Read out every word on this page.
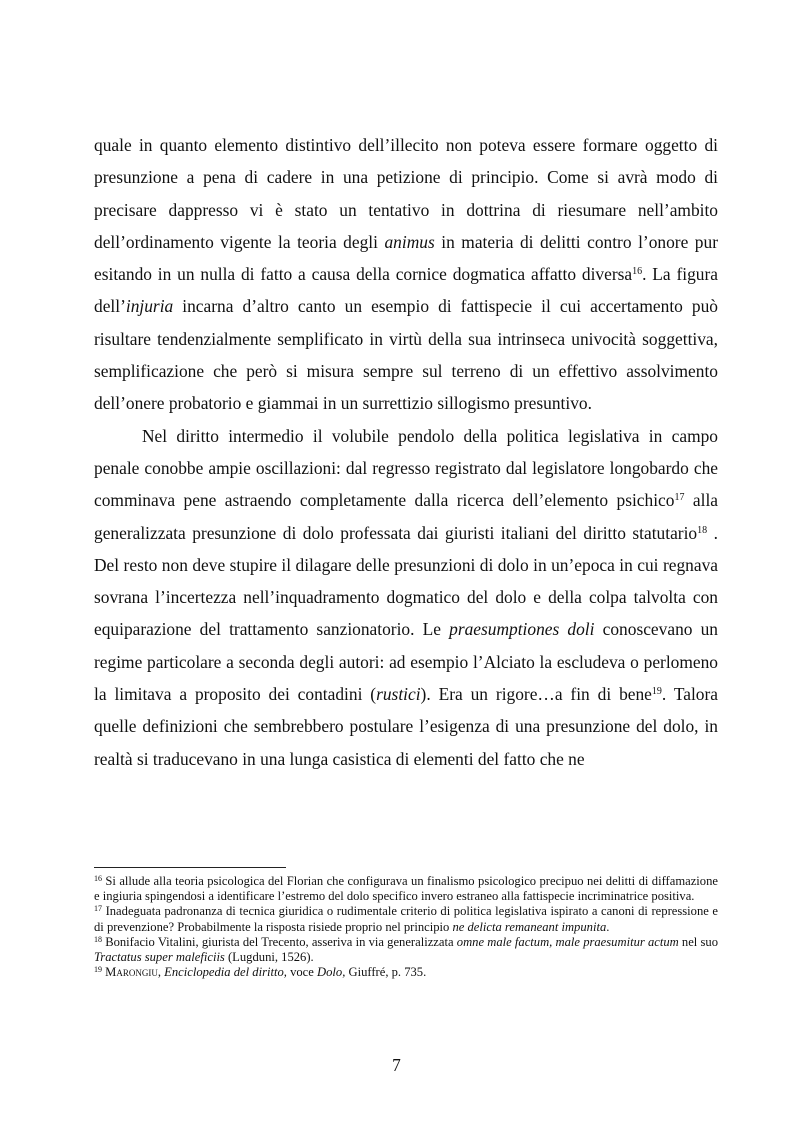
quale in quanto elemento distintivo dell’illecito non poteva essere formare oggetto di presunzione a pena di cadere in una petizione di principio. Come si avrà modo di precisare dappresso vi è stato un tentativo in dottrina di riesumare nell’ambito dell’ordinamento vigente la teoria degli animus in materia di delitti contro l’onore pur esitando in un nulla di fatto a causa della cornice dogmatica affatto diversa$^{16}$. La figura dell’injuria incarna d’altro canto un esempio di fattispecie il cui accertamento può risultare tendenzialmente semplificato in virtù della sua intrinseca univocità soggettiva, semplificazione che però si misura sempre sul terreno di un effettivo assolvimento dell’onere probatorio e giammai in un surrettizio sillogismo presuntivo.

Nel diritto intermedio il volubile pendolo della politica legislativa in campo penale conobbe ampie oscillazioni: dal regresso registrato dal legislatore longobardo che comminava pene astraendo completamente dalla ricerca dell’elemento psichico$^{17}$ alla generalizzata presunzione di dolo professata dai giuristi italiani del diritto statutario$^{18}$ . Del resto non deve stupire il dilagare delle presunzioni di dolo in un’epoca in cui regnava sovrana l’incertezza nell’inquadramento dogmatico del dolo e della colpa talvolta con equiparazione del trattamento sanzionatorio. Le praesumptiones doli conoscevano un regime particolare a seconda degli autori: ad esempio l’Alciato la escludeva o perlomeno la limitava a proposito dei contadini (rustici). Era un rigore…a fin di bene$^{19}$. Talora quelle definizioni che sembrebbero postulare l’esigenza di una presunzione del dolo, in realtà si traducevano in una lunga casistica di elementi del fatto che ne

$^{16}$ Si allude alla teoria psicologica del Florian che configurava un finalismo psicologico precipuo nei delitti di diffamazione e ingiuria spingendosi a identificare l’estremo del dolo specifico invero estraneo alla fattispecie incriminatrice positiva.

$^{17}$ Inadeguata padronanza di tecnica giuridica o rudimentale criterio di politica legislativa ispirato a canoni di repressione e di prevenzione? Probabilmente la risposta risiede proprio nel principio ne delicta remaneant impunita.

$^{18}$ Bonifacio Vitalini, giurista del Trecento, asseriva in via generalizzata omne male factum, male praesumitur actum nel suo Tractatus super maleficiis (Lugduni, 1526).

$^{19}$ Marongiu, Enciclopedia del diritto, voce Dolo, Giuffré, p. 735.

7
